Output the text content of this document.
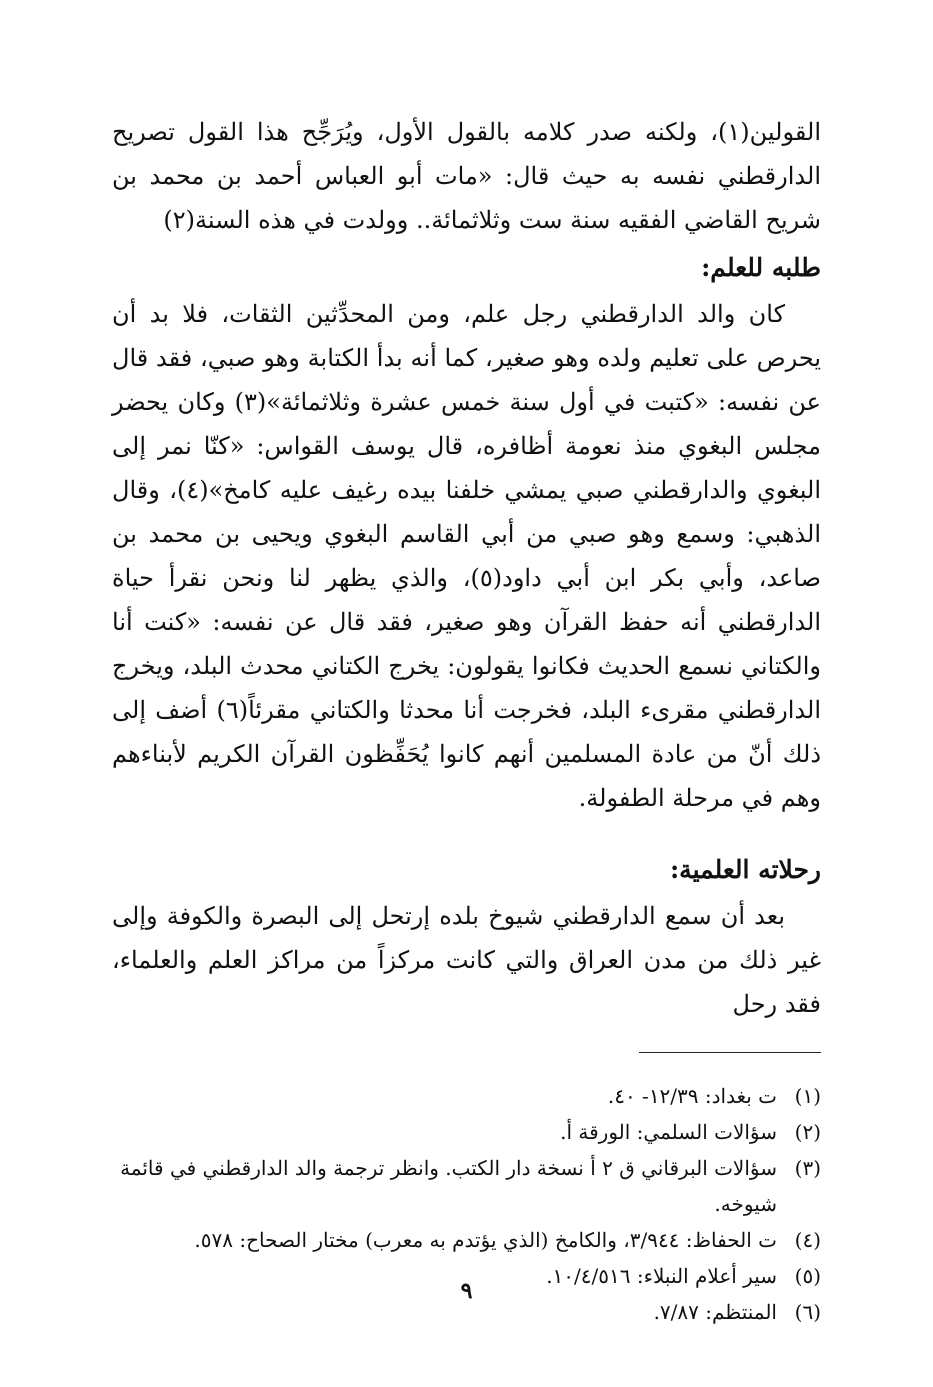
القولين(١)، ولكنه صدر كلامه بالقول الأول، ويُرَجِّح هذا القول تصريح الدارقطني نفسه به حيث قال: «مات أبو العباس أحمد بن محمد بن شريح القاضي الفقيه سنة ست وثلاثمائة.. وولدت في هذه السنة(٢)

طلبه للعلم:

كان والد الدارقطني رجل علم، ومن المحدِّثين الثقات، فلا بد أن يحرص على تعليم ولده وهو صغير، كما أنه بدأ الكتابة وهو صبي، فقد قال عن نفسه: «كتبت في أول سنة خمس عشرة وثلاثمائة»(٣) وكان يحضر مجلس البغوي منذ نعومة أظافره، قال يوسف القواس: «كنّا نمر إلى البغوي والدارقطني صبي يمشي خلفنا بيده رغيف عليه كامخ»(٤)، وقال الذهبي: وسمع وهو صبي من أبي القاسم البغوي ويحيى بن محمد بن صاعد، وأبي بكر ابن أبي داود(٥)، والذي يظهر لنا ونحن نقرأ حياة الدارقطني أنه حفظ القرآن وهو صغير، فقد قال عن نفسه: «كنت أنا والكتاني نسمع الحديث فكانوا يقولون: يخرج الكتاني محدث البلد، ويخرج الدارقطني مقرىء البلد، فخرجت أنا محدثا والكتاني مقرئاً(٦) أضف إلى ذلك أنّ من عادة المسلمين أنهم كانوا يُحَفِّظون القرآن الكريم لأبناءهم وهم في مرحلة الطفولة.

رحلاته العلمية:

بعد أن سمع الدارقطني شيوخ بلده إرتحل إلى البصرة والكوفة وإلى غير ذلك من مدن العراق والتي كانت مركزاً من مراكز العلم والعلماء، فقد رحل

(١)
ت بغداد: ١٢/٣٩- ٤٠.
(٢)
سؤالات السلمي: الورقة أ.
(٣)
سؤالات البرقاني ق ٢ أ نسخة دار الكتب. وانظر ترجمة والد الدارقطني في قائمة شيوخه.
(٤)
ت الحفاظ: ٣/٩٤٤، والكامخ (الذي يؤتدم به معرب) مختار الصحاح: ٥٧٨.
(٥)
سير أعلام النبلاء: ١٠/٤/٥١٦.
(٦)
المنتظم: ٧/٨٧.
٩
